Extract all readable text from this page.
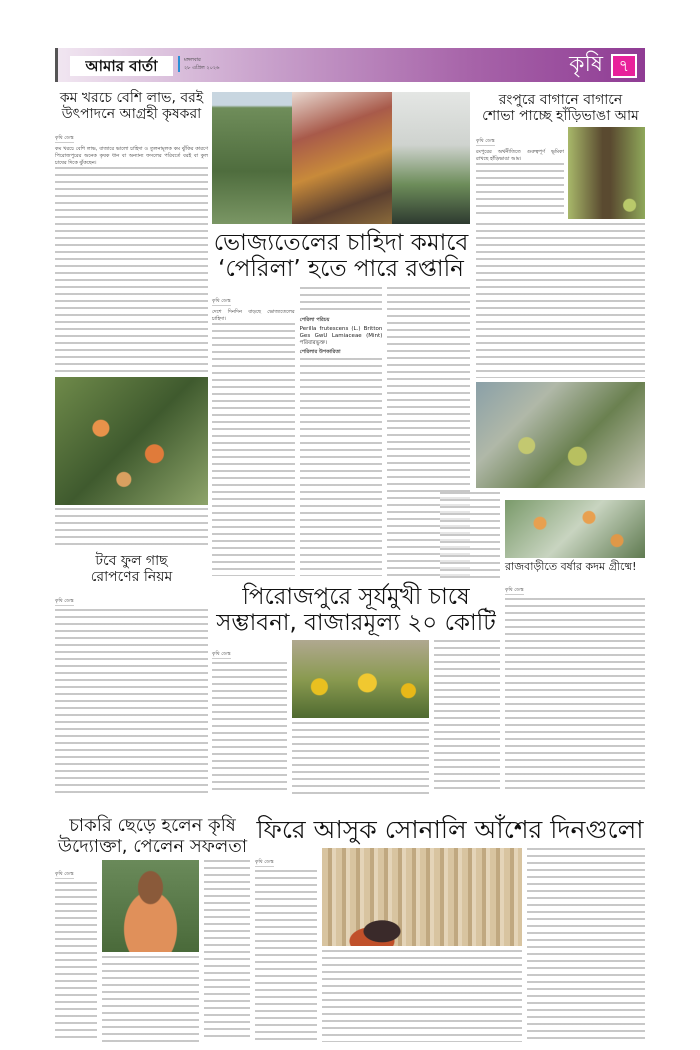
আমার বার্তা	মঙ্গলবার
২৮ এপ্রিল ২০২৬	কৃষি ৭
কম খরচে বেশি লাভ, বরই উৎপাদনে আগ্রহী কৃষকরা
কৃষি ডেস্ক
কম খরচে বেশি লাভ, বাজারে ভালো চাহিদা ও তুলনামূলক কম ঝুঁকির কারণে পিরোজপুরের অনেক কৃষক ধান বা অন্যান্য ফসলের পরিবর্তে বরই বা কুল চাষের দিকে ঝুঁকছেন।
টবে ফুল গাছ
রোপণের নিয়ম
কৃষি ডেস্ক
ভোজ্যতেলের চাহিদা কমাবে
‘পেরিলা’ হতে পারে রপ্তানি
কৃষি ডেস্ক
দেশে দিনদিন বাড়ছে ভোজ্যতেলের চাহিদা।	পেরিলা পরিচয়
Perilla frutescens (L.) Britton Ges GwU Lamiaceae (Mint) পরিবারভুক্ত।
পেরিলার উপকারিতা
রংপুরে বাগানে বাগানে
শোভা পাচ্ছে হাঁড়িভাঙা আম
কৃষি ডেস্ক
রংপুরের অর্থনীতিতে গুরুত্বপূর্ণ ভূমিকা রাখছে হাঁড়িভাঙা আম।
রাজবাড়ীতে বর্ষার কদম গ্রীষ্মে!
কৃষি ডেস্ক
পিরোজপুরে সূর্যমুখী চাষে
সম্ভাবনা, বাজারমূল্য ২০ কোটি
কৃষি ডেস্ক
চাকরি ছেড়ে হলেন কৃষি
উদ্যোক্তা, পেলেন সফলতা
কৃষি ডেস্ক
ফিরে আসুক সোনালি আঁশের দিনগুলো
কৃষি ডেস্ক
